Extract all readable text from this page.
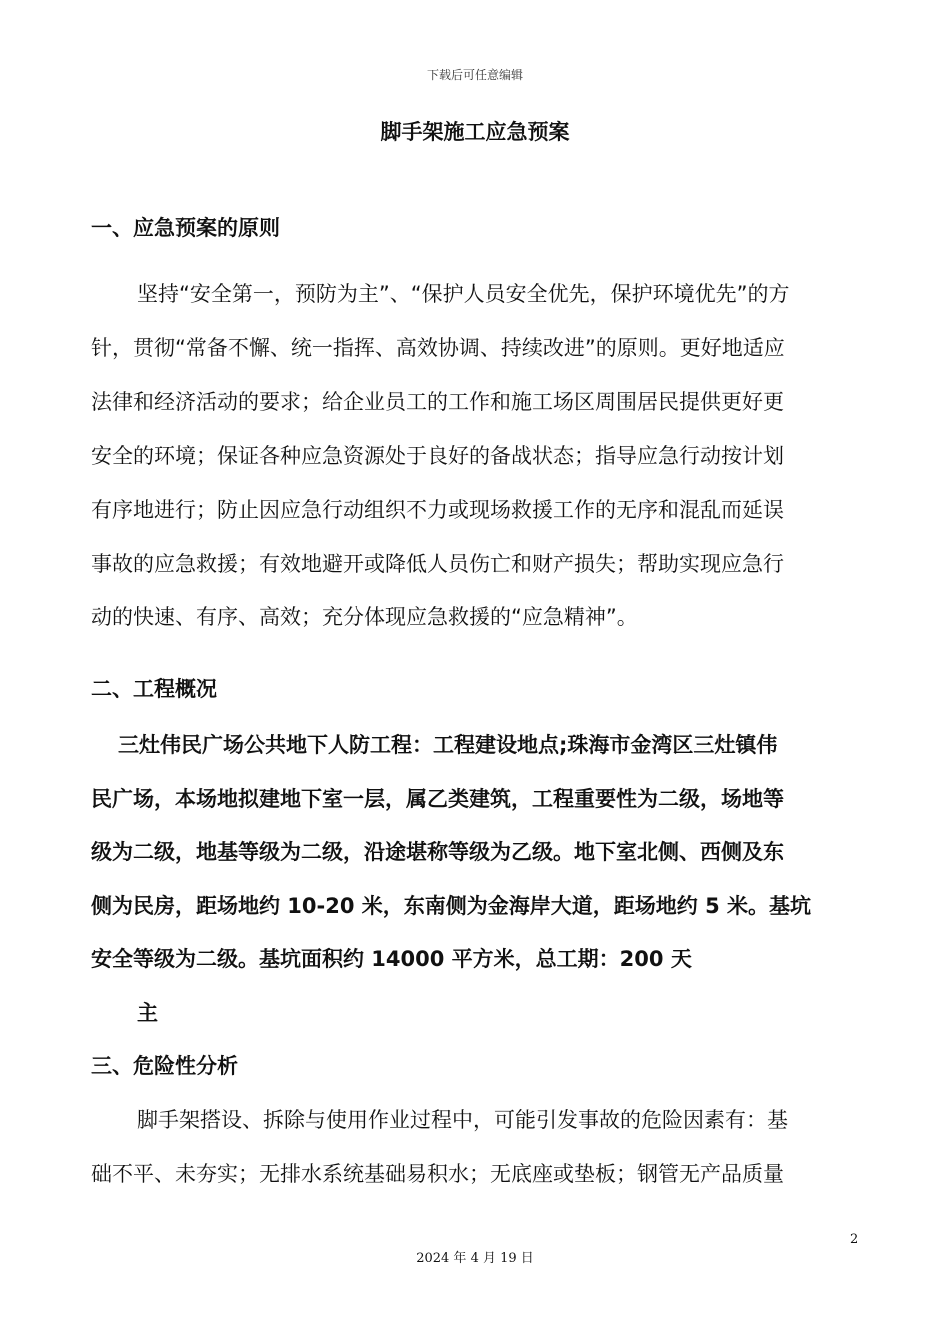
下载后可任意编辑
脚手架施工应急预案
一、应急预案的原则
坚持“安全第一，预防为主”、“保护人员安全优先，保护环境优先”的方
针，贯彻“常备不懈、统一指挥、高效协调、持续改进”的原则。更好地适应
法律和经济活动的要求；给企业员工的工作和施工场区周围居民提供更好更
安全的环境；保证各种应急资源处于良好的备战状态；指导应急行动按计划
有序地进行；防止因应急行动组织不力或现场救援工作的无序和混乱而延误
事故的应急救援；有效地避开或降低人员伤亡和财产损失；帮助实现应急行
动的快速、有序、高效；充分体现应急救援的“应急精神”。
二、工程概况
三灶伟民广场公共地下人防工程：工程建设地点;珠海市金湾区三灶镇伟
民广场，本场地拟建地下室一层，属乙类建筑，工程重要性为二级，场地等
级为二级，地基等级为二级，沿途堪称等级为乙级。地下室北侧、西侧及东
侧为民房，距场地约 10-20 米，东南侧为金海岸大道，距场地约 5 米。基坑
安全等级为二级。基坑面积约 14000 平方米，总工期：200 天
主
三、危险性分析
脚手架搭设、拆除与使用作业过程中，可能引发事故的危险因素有：基
础不平、未夯实；无排水系统基础易积水；无底座或垫板；钢管无产品质量
2
2024 年 4 月 19 日
